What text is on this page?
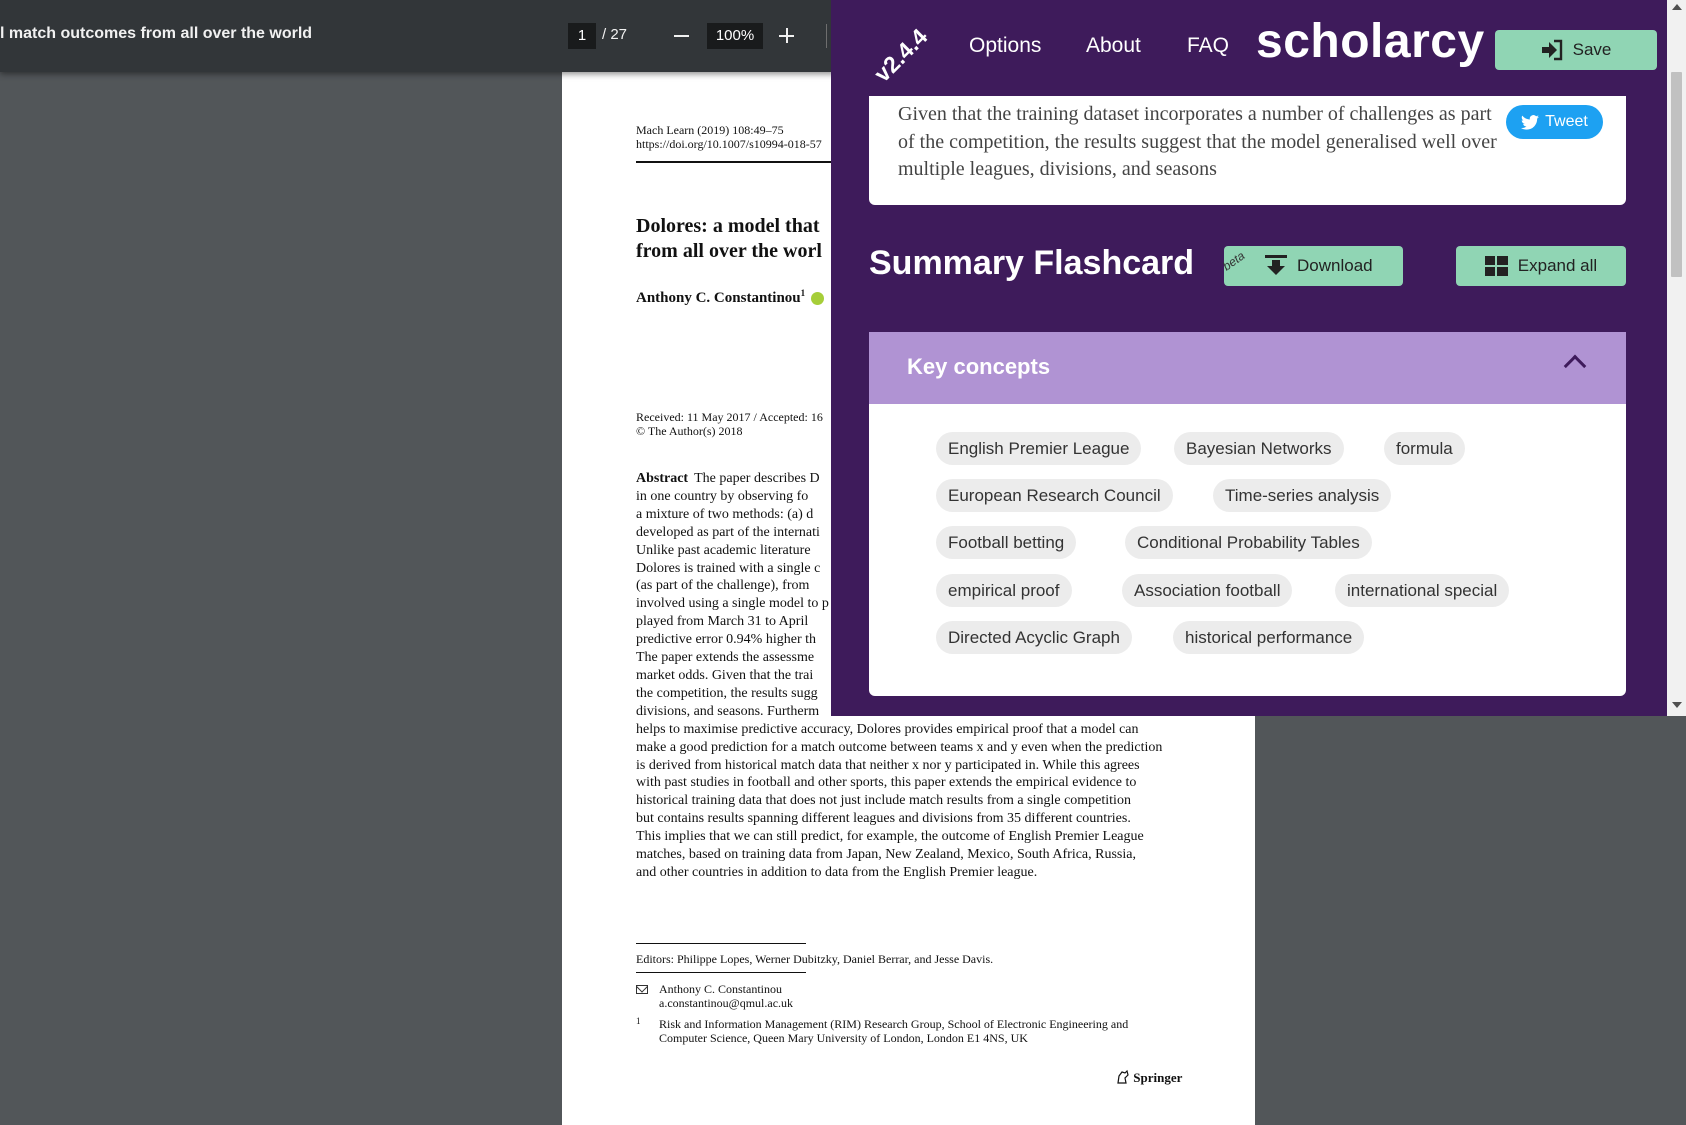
l match outcomes from all over the world	1	/ 27	100%
Mach Learn (2019) 108:49–75
https://doi.org/10.1007/s10994-018-57
Dolores: a model that
from all over the worl
Anthony C. Constantinou$^1$
Received: 11 May 2017 / Accepted: 16
© The Author(s) 2018
Abstract The paper describes D
in one country by observing fo
a mixture of two methods: (a) d
developed as part of the internati
Unlike past academic literature
Dolores is trained with a single c
(as part of the challenge), from
involved using a single model to p
played from March 31 to April
predictive error 0.94% higher th
The paper extends the assessme
market odds. Given that the trai
the competition, the results sugg
divisions, and seasons. Furtherm
helps to maximise predictive accuracy, Dolores provides empirical proof that a model can
make a good prediction for a match outcome between teams x and y even when the prediction
is derived from historical match data that neither x nor y participated in. While this agrees
with past studies in football and other sports, this paper extends the empirical evidence to
historical training data that does not just include match results from a single competition
but contains results spanning different leagues and divisions from 35 different countries.
This implies that we can still predict, for example, the outcome of English Premier League
matches, based on training data from Japan, New Zealand, Mexico, South Africa, Russia,
and other countries in addition to data from the English Premier league.
Editors: Philippe Lopes, Werner Dubitzky, Daniel Berrar, and Jesse Davis.
Anthony C. Constantinou
a.constantinou@qmul.ac.uk
1 Risk and Information Management (RIM) Research Group, School of Electronic Engineering and
Computer Science, Queen Mary University of London, London E1 4NS, UK
Springer
Given that the training dataset incorporates a number of challenges as part of the competition, the results suggest that the model generalised well over multiple leagues, divisions, and seasons
Tweet
Summary Flashcard beta	Download	Expand all
Key concepts
English Premier League	Bayesian Networks	formula
European Research Council	Time-series analysis
Football betting	Conditional Probability Tables
empirical proof	Association football	international special
Directed Acyclic Graph	historical performance
v2.4.4 Options About FAQ scholarcy	Save
